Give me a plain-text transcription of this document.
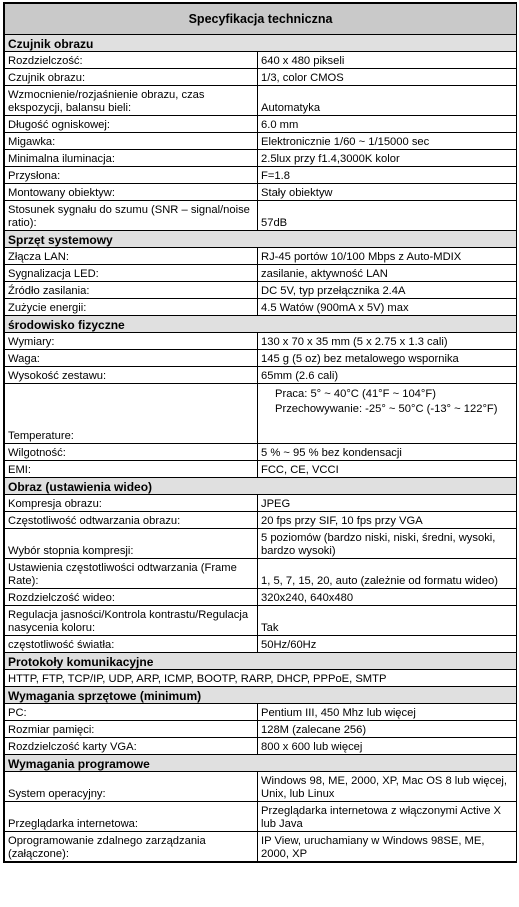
Specyfikacja techniczna	
Czujnik obrazu	
Rozdzielczość:	640 x 480 pikseli
Czujnik obrazu:	1/3, color CMOS
Wzmocnienie/rozjaśnienie obrazu, czas ekspozycji, balansu bieli:	Automatyka
Długość ogniskowej:	6.0 mm
Migawka:	Elektronicznie 1/60 ~ 1/15000 sec
Minimalna iluminacja:	2.5lux przy f1.4,3000K kolor
Przysłona:	F=1.8
Montowany obiektyw:	Stały obiektyw
Stosunek sygnału do szumu (SNR – signal/noise ratio):	57dB
Sprzęt systemowy	
Złącza LAN:	RJ-45 portów 10/100 Mbps z Auto-MDIX
Sygnalizacja LED:	zasilanie, aktywność LAN
Źródło zasilania:	DC 5V, typ przełącznika 2.4A
Zużycie energii:	4.5 Watów (900mA x 5V) max
środowisko fizyczne	
Wymiary:	130 x 70 x 35 mm (5 x 2.75 x 1.3 cali)
Waga:	145 g (5 oz) bez metalowego wspornika
Wysokość zestawu:	65mm (2.6 cali)
Temperature:	Praca: 5° ~ 40°C (41°F ~ 104°F)
Przechowywanie: -25° ~ 50°C (-13° ~ 122°F)

Wilgotność:	5 % ~ 95 % bez kondensacji
EMI:	FCC, CE, VCCI
Obraz (ustawienia wideo)	
Kompresja obrazu:	JPEG
Częstotliwość odtwarzania obrazu:	20 fps przy SIF, 10 fps przy VGA
Wybór stopnia kompresji:	5 poziomów (bardzo niski, niski, średni, wysoki, bardzo wysoki)
Ustawienia częstotliwości odtwarzania (Frame Rate):	1, 5, 7, 15, 20, auto (zależnie od formatu wideo)
Rozdzielczość wideo:	320x240, 640x480
Regulacja jasności/Kontrola kontrastu/Regulacja nasycenia koloru:	Tak
częstotliwość światła:	50Hz/60Hz
Protokoły komunikacyjne	
HTTP, FTP, TCP/IP, UDP, ARP, ICMP, BOOTP, RARP, DHCP, PPPoE, SMTP	
Wymagania sprzętowe (minimum)	
PC:	Pentium III, 450 Mhz lub więcej
Rozmiar pamięci:	128M (zalecane 256)
Rozdzielczość karty VGA:	800 x 600 lub więcej
Wymagania programowe	
System operacyjny:	Windows 98, ME, 2000, XP, Mac OS 8 lub więcej, Unix, lub Linux
Przeglądarka internetowa:	Przeglądarka internetowa z włączonymi Active X lub Java
Oprogramowanie zdalnego zarządzania (załączone):	IP View, uruchamiany w Windows 98SE, ME, 2000, XP
